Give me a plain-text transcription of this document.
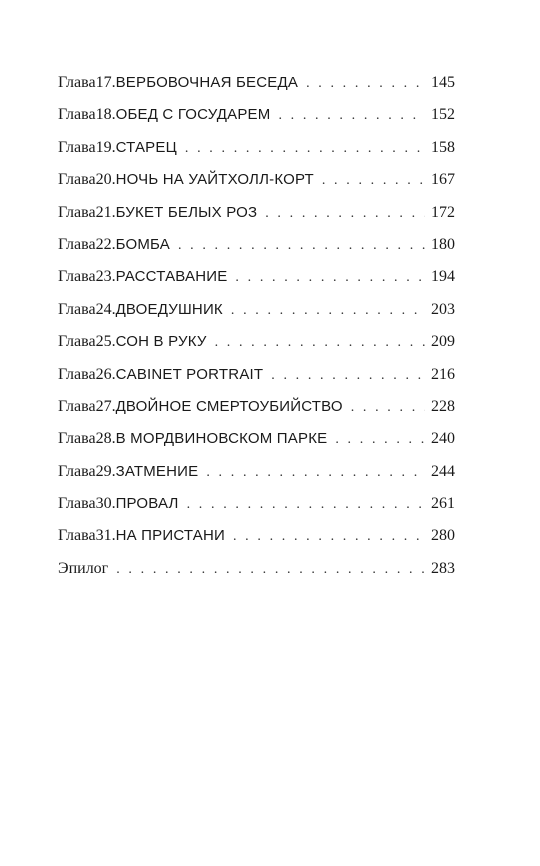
Глава 17. ВЕРБОВОЧНАЯ БЕСЕДА . . .	145
Глава 18. ОБЕД С ГОСУДАРЕМ . . .	152
Глава 19. СТАРЕЦ . . .	158
Глава 20. НОЧЬ НА УАЙТХОЛЛ-КОРТ . . .	167
Глава 21. БУКЕТ БЕЛЫХ РОЗ . . .	172
Глава 22. БОМБА . . .	180
Глава 23. РАССТАВАНИЕ . . .	194
Глава 24. ДВОЕДУШНИК . . .	203
Глава 25. СОН В РУКУ . . .	209
Глава 26. CABINET PORTRAIT . . .	216
Глава 27. ДВОЙНОЕ СМЕРТОУБИЙСТВО . . .	228
Глава 28. В МОРДВИНОВСКОМ ПАРКЕ . . .	240
Глава 29. ЗАТМЕНИЕ . . .	244
Глава 30. ПРОВАЛ . . .	261
Глава 31. НА ПРИСТАНИ . . .	280
Эпилог . . .	283
